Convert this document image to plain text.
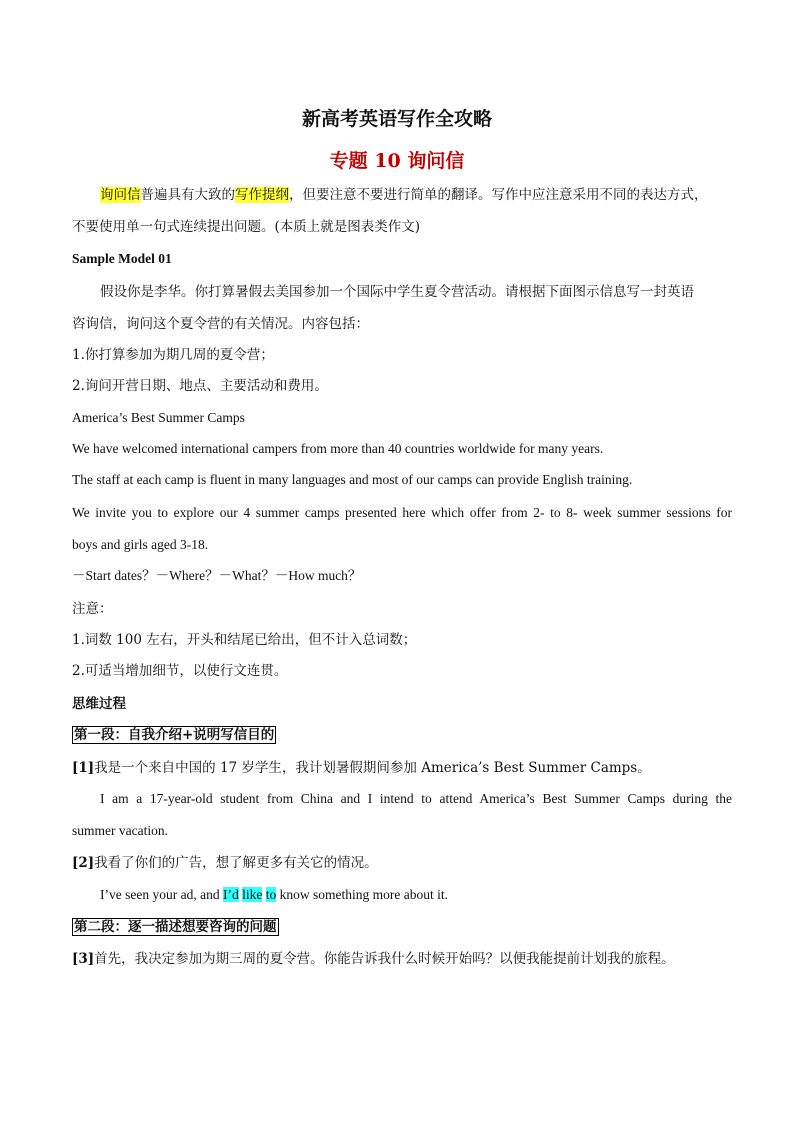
新高考英语写作全攻略
专题 10 询问信
询问信普遍具有大致的写作提纲，但要注意不要进行简单的翻译。写作中应注意采用不同的表达方式，
不要使用单一句式连续提出问题。(本质上就是图表类作文)
Sample Model 01
假设你是李华。你打算暑假去美国参加一个国际中学生夏令营活动。请根据下面图示信息写一封英语
咨询信，询问这个夏令营的有关情况。内容包括：
1.你打算参加为期几周的夏令营；
2.询问开营日期、地点、主要活动和费用。
America’s Best Summer Camps
We have welcomed international campers from more than 40 countries worldwide for many years.
The staff at each camp is fluent in many languages and most of our camps can provide English training.
We invite you to explore our 4 summer camps presented here which offer from 2- to 8- week summer sessions for
boys and girls aged 3-18.
－Start dates？－Where？－What？－How much？
注意：
1.词数 100 左右，开头和结尾已给出，但不计入总词数；
2.可适当增加细节，以使行文连贯。
思维过程
第一段：自我介绍+说明写信目的
[1]我是一个来自中国的 17 岁学生，我计划暑假期间参加 America’s Best Summer Camps。
I am a 17-year-old student from China and I intend to attend America’s Best Summer Camps during the
summer vacation.
[2]我看了你们的广告，想了解更多有关它的情况。
I’ve seen your ad, and I’d like to know something more about it.
第二段：逐一描述想要咨询的问题
[3]首先，我决定参加为期三周的夏令营。你能告诉我什么时候开始吗？以便我能提前计划我的旅程。
